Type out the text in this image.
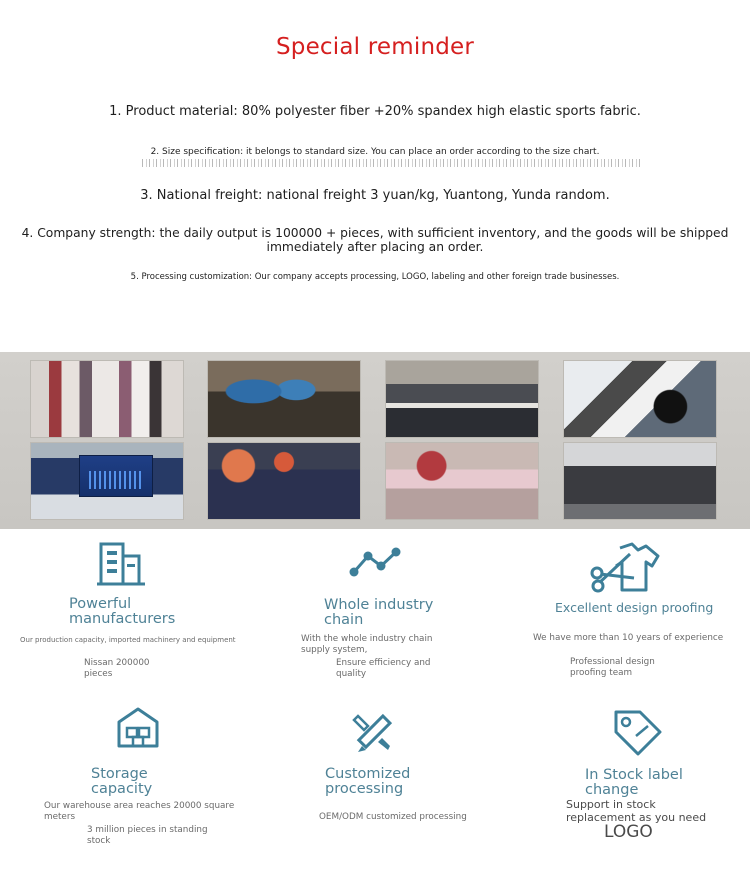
Special reminder
1. Product material: 80% polyester fiber +20% spandex high elastic sports fabric.
2. Size specification: it belongs to standard size. You can place an order according to the size chart.
3. National freight: national freight 3 yuan/kg, Yuantong, Yunda random.
4. Company strength: the daily output is 100000 + pieces, with sufficient inventory, and the goods will be shipped immediately after placing an order.
5. Processing customization: Our company accepts processing, LOGO, labeling and other foreign trade businesses.
Powerful manufacturers
Our production capacity, imported machinery and equipment
Nissan 200000 pieces
Whole industry chain
With the whole industry chain supply system,
Ensure efficiency and quality
Excellent design proofing
We have more than 10 years of experience
Professional design proofing team
Storage capacity
Our warehouse area reaches 20000 square meters
3 million pieces in standing stock
Customized processing
OEM/ODM customized processing
In Stock label change
Support in stock replacement as you need
LOGO
